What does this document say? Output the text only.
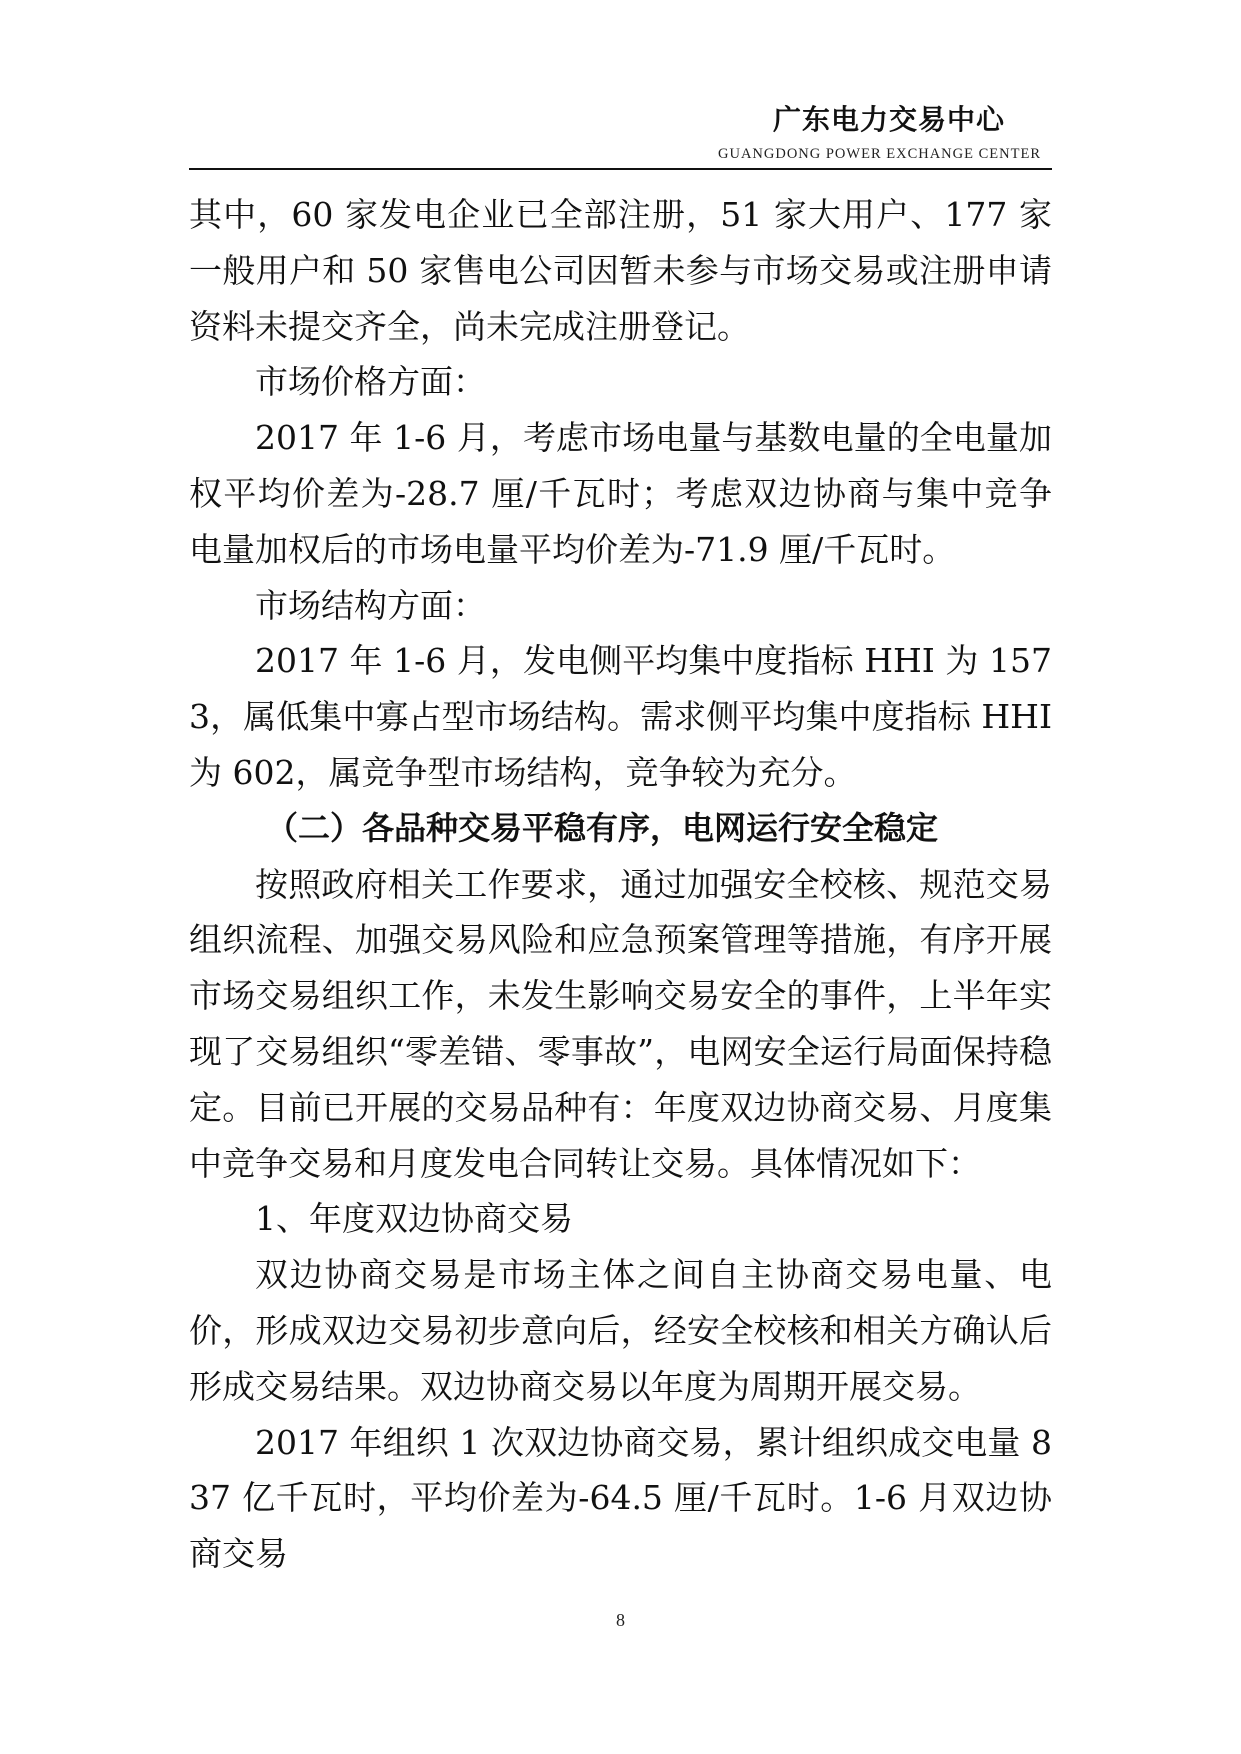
广东电力交易中心
GUANGDONG POWER EXCHANGE CENTER

其中，60 家发电企业已全部注册，51 家大用户、177 家一般用户和 50 家售电公司因暂未参与市场交易或注册申请资料未提交齐全，尚未完成注册登记。

市场价格方面：

2017 年 1-6 月，考虑市场电量与基数电量的全电量加权平均价差为-28.7 厘/千瓦时；考虑双边协商与集中竞争电量加权后的市场电量平均价差为-71.9 厘/千瓦时。

市场结构方面：

2017 年 1-6 月，发电侧平均集中度指标 HHI 为 1573，属低集中寡占型市场结构。需求侧平均集中度指标 HHI 为 602，属竞争型市场结构，竞争较为充分。

（二）各品种交易平稳有序，电网运行安全稳定

按照政府相关工作要求，通过加强安全校核、规范交易组织流程、加强交易风险和应急预案管理等措施，有序开展市场交易组织工作，未发生影响交易安全的事件，上半年实现了交易组织“零差错、零事故”，电网安全运行局面保持稳定。目前已开展的交易品种有：年度双边协商交易、月度集中竞争交易和月度发电合同转让交易。具体情况如下：

1、年度双边协商交易

双边协商交易是市场主体之间自主协商交易电量、电价，形成双边交易初步意向后，经安全校核和相关方确认后形成交易结果。双边协商交易以年度为周期开展交易。

2017 年组织 1 次双边协商交易，累计组织成交电量 837 亿千瓦时，平均价差为-64.5 厘/千瓦时。1-6 月双边协商交易

8
